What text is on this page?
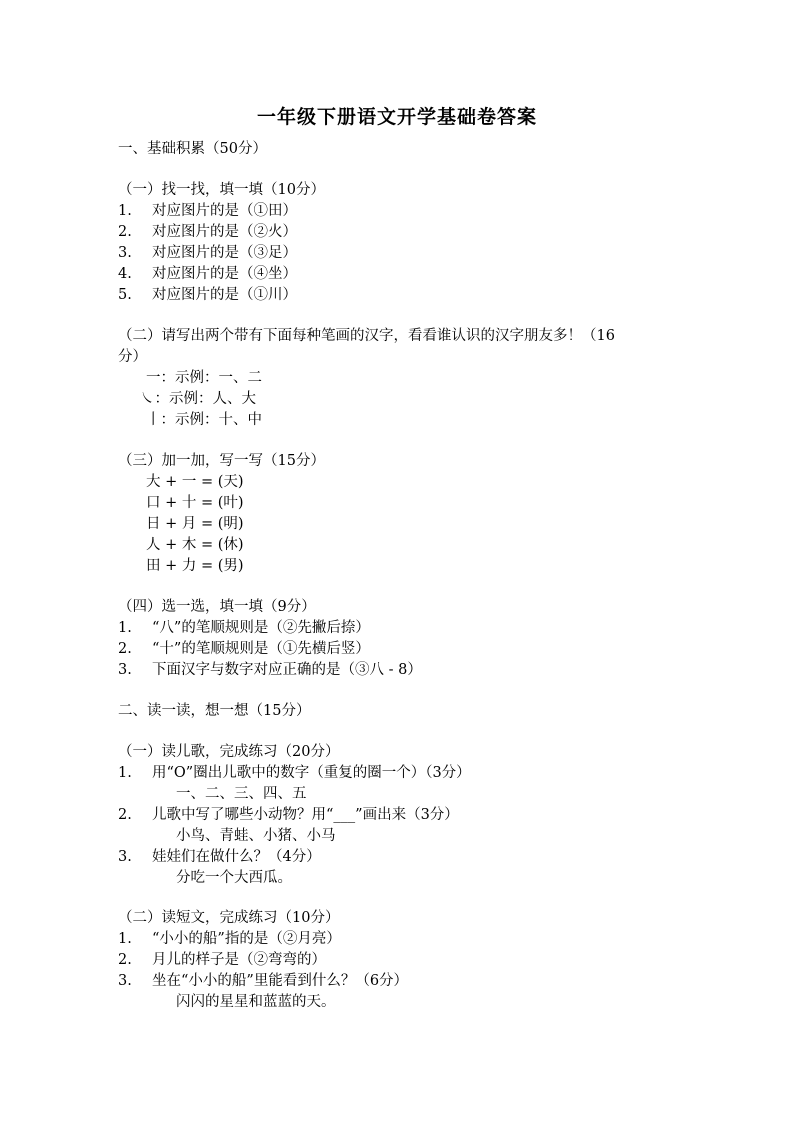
一年级下册语文开学基础卷答案
一、基础积累（50分）
（一）找一找，填一填（10分）
1. 对应图片的是（①田）
2. 对应图片的是（②火）
3. 对应图片的是（③足）
4. 对应图片的是（④坐）
5. 对应图片的是（①川）
（二）请写出两个带有下面每种笔画的汉字，看看谁认识的汉字朋友多！（16
分）
一：示例：一、二
㇏：示例：人、大
丨：示例：十、中
（三）加一加，写一写（15分）
大 + 一 = (天)
口 + 十 = (叶)
日 + 月 = (明)
人 + 木 = (休)
田 + 力 = (男)
（四）选一选，填一填（9分）
1. “八”的笔顺规则是（②先撇后捺）
2. “十”的笔顺规则是（①先横后竖）
3. 下面汉字与数字对应正确的是（③八 - 8）
二、读一读，想一想（15分）
（一）读儿歌，完成练习（20分）
1. 用“O”圈出儿歌中的数字（重复的圈一个）（3分）
一、二、三、四、五
2. 儿歌中写了哪些小动物？用“___”画出来（3分）
小鸟、青蛙、小猪、小马
3. 娃娃们在做什么？（4分）
分吃一个大西瓜。
（二）读短文，完成练习（10分）
1. “小小的船”指的是（②月亮）
2. 月儿的样子是（②弯弯的）
3. 坐在“小小的船”里能看到什么？（6分）
闪闪的星星和蓝蓝的天。
